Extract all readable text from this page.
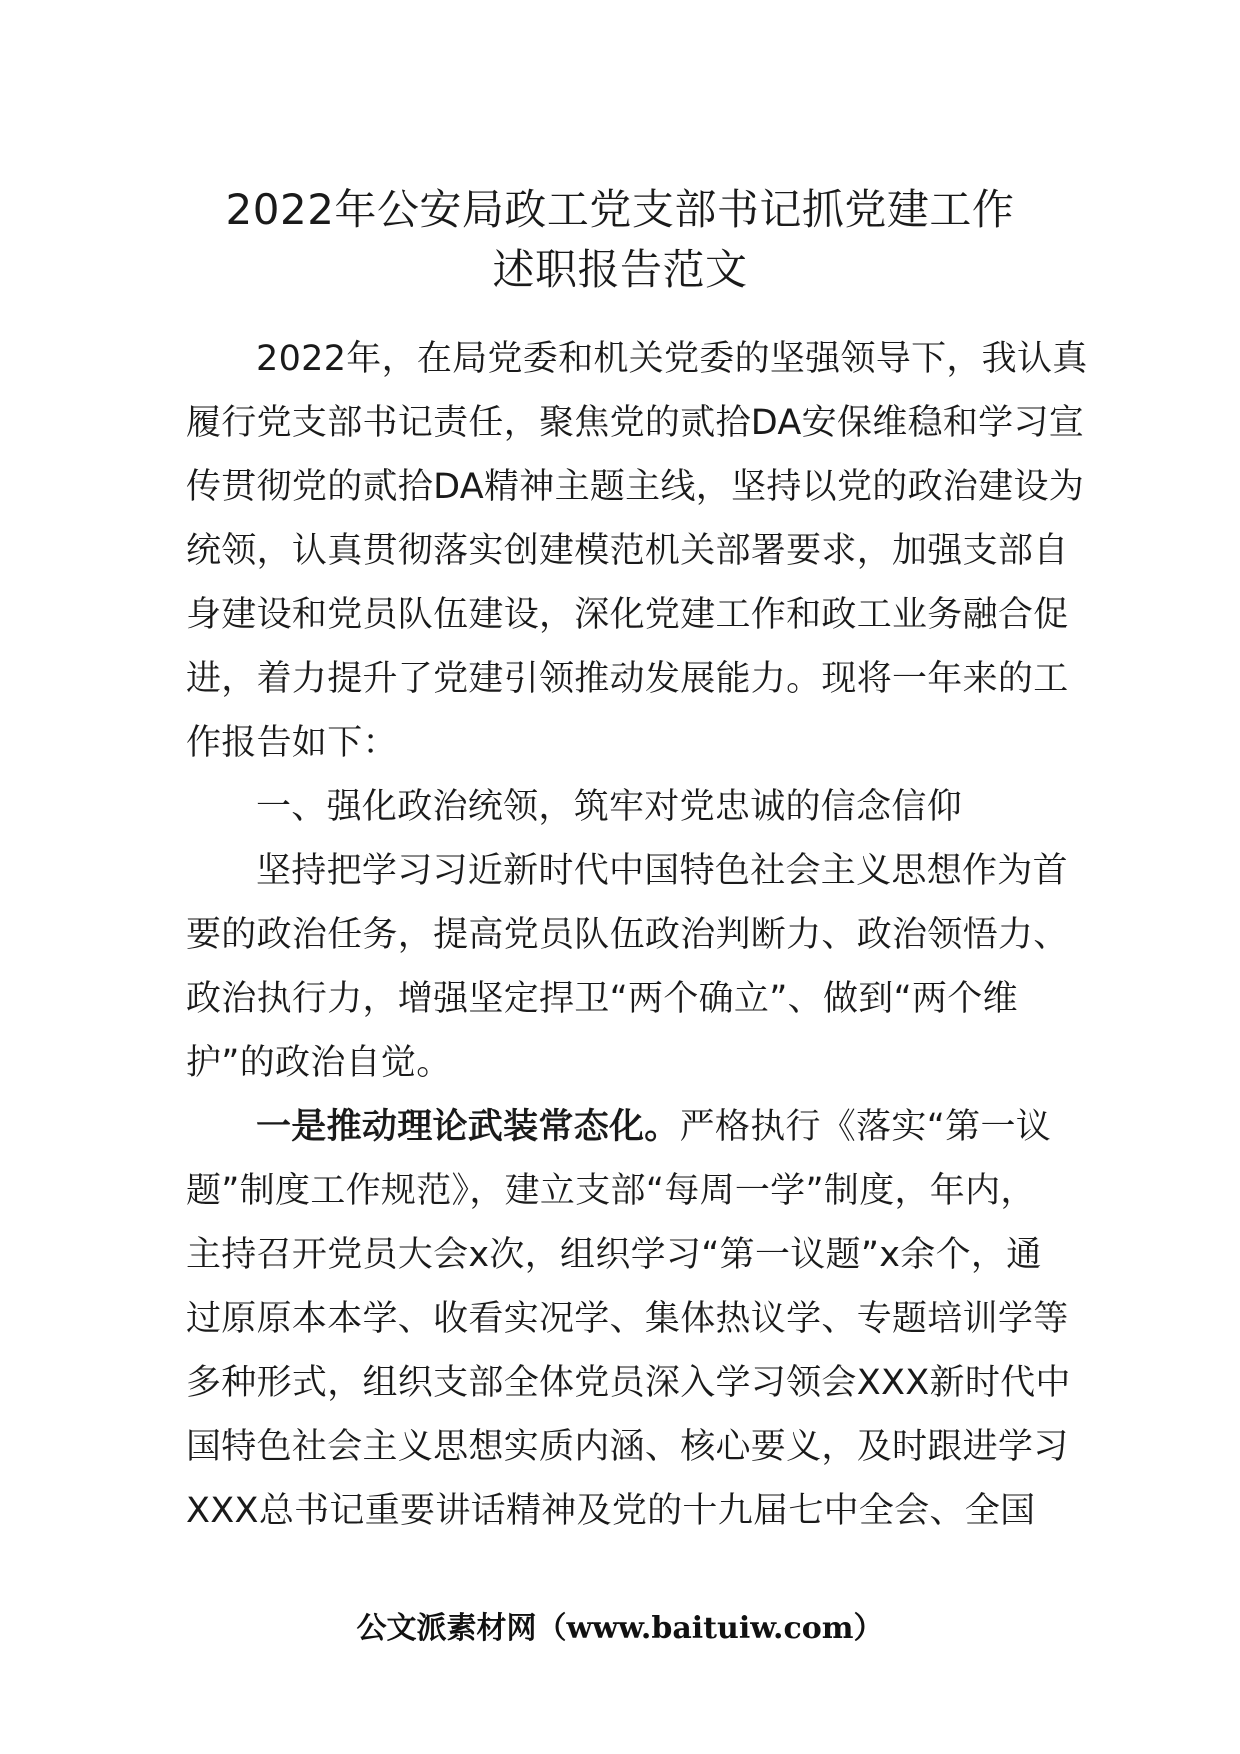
2022年公安局政工党支部书记抓党建工作
述职报告范文
2022年，在局党委和机关党委的坚强领导下，我认真
履行党支部书记责任，聚焦党的贰拾DA安保维稳和学习宣
传贯彻党的贰拾DA精神主题主线，坚持以党的政治建设为
统领，认真贯彻落实创建模范机关部署要求，加强支部自
身建设和党员队伍建设，深化党建工作和政工业务融合促
进，着力提升了党建引领推动发展能力。现将一年来的工
作报告如下：
一、强化政治统领，筑牢对党忠诚的信念信仰
坚持把学习习近新时代中国特色社会主义思想作为首
要的政治任务，提高党员队伍政治判断力、政治领悟力、
政治执行力，增强坚定捍卫“两个确立”、做到“两个维
护”的政治自觉。
一是推动理论武装常态化。严格执行《落实“第一议
题”制度工作规范》，建立支部“每周一学”制度，年内，
主持召开党员大会x次，组织学习“第一议题”x余个，通
过原原本本学、收看实况学、集体热议学、专题培训学等
多种形式，组织支部全体党员深入学习领会XXX新时代中
国特色社会主义思想实质内涵、核心要义，及时跟进学习
XXX总书记重要讲话精神及党的十九届七中全会、全国
公文派素材网（www.baituiw.com）
